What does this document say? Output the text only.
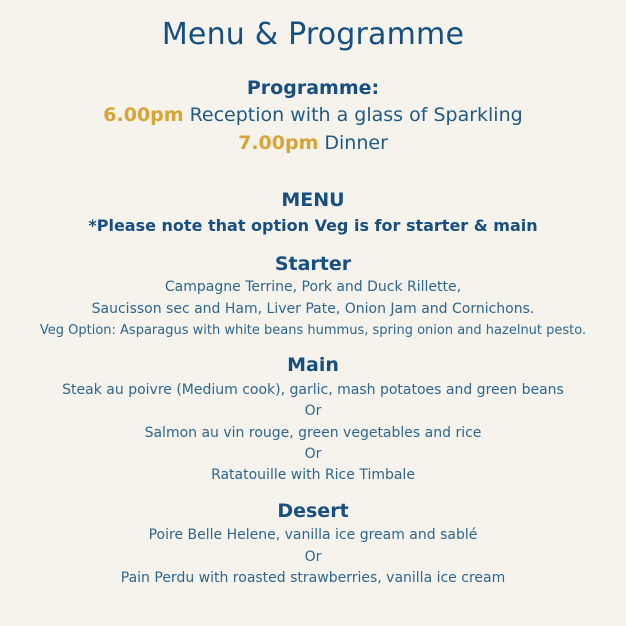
Menu & Programme
Programme:
6.00pm Reception with a glass of Sparkling
7.00pm Dinner
MENU
*Please note that option Veg is for starter & main
Starter
Campagne Terrine, Pork and Duck Rillette,
Saucisson sec and Ham, Liver Pate, Onion Jam and Cornichons.
Veg Option: Asparagus with white beans hummus, spring onion and hazelnut pesto.
Main
Steak au poivre (Medium cook), garlic, mash potatoes and green beans
Or
Salmon au vin rouge, green vegetables and rice
Or
Ratatouille with Rice Timbale
Desert
Poire Belle Helene, vanilla ice gream and sablé
Or
Pain Perdu with roasted strawberries, vanilla ice cream
